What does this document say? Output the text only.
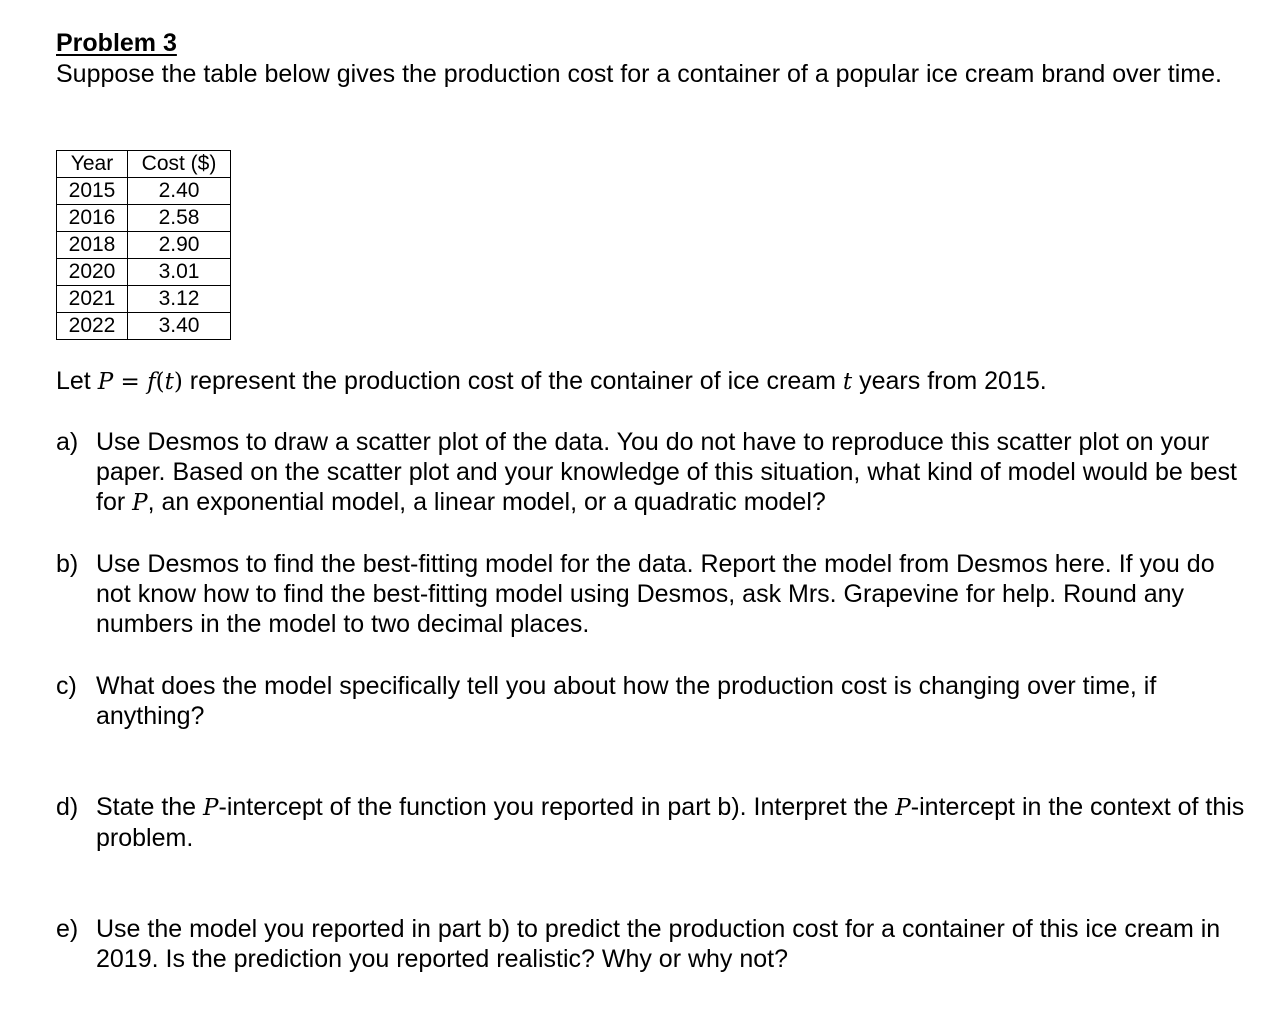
Problem 3
Suppose the table below gives the production cost for a container of a popular ice cream brand over time.
Year	Cost ($)
2015	2.40
2016	2.58
2018	2.90
2020	3.01
2021	3.12
2022	3.40
Let P = f(t) represent the production cost of the container of ice cream t years from 2015.
a) Use Desmos to draw a scatter plot of the data. You do not have to reproduce this scatter plot on your paper. Based on the scatter plot and your knowledge of this situation, what kind of model would be best for P, an exponential model, a linear model, or a quadratic model?
b) Use Desmos to find the best-fitting model for the data. Report the model from Desmos here. If you do not know how to find the best-fitting model using Desmos, ask Mrs. Grapevine for help. Round any numbers in the model to two decimal places.
c) What does the model specifically tell you about how the production cost is changing over time, if anything?
d) State the P-intercept of the function you reported in part b). Interpret the P-intercept in the context of this problem.
e) Use the model you reported in part b) to predict the production cost for a container of this ice cream in 2019. Is the prediction you reported realistic? Why or why not?
